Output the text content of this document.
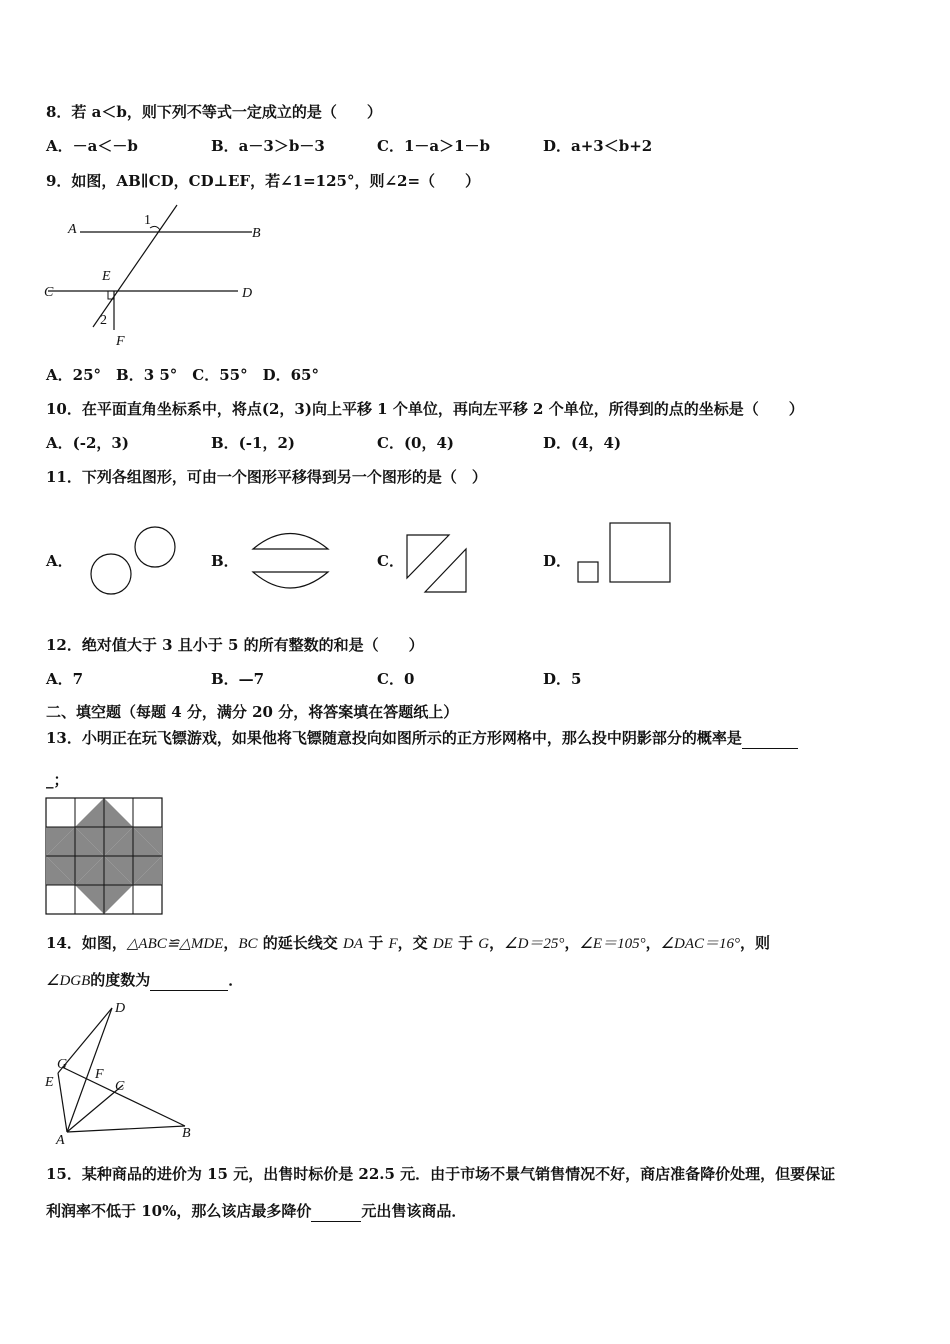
8．若 a＜b，则下列不等式一定成立的是（　　）
A．－a＜－b	B．a－3＞b－3	C．1－a＞1－b	D．a+3＜b+2
9．如图，AB∥CD，CD⊥EF，若∠1=125°，则∠2=（　　）
A	B
C	D
E
F
1
2
A．25°　B．3 5°　C．55°　D．65°
10．在平面直角坐标系中，将点(2，3)向上平移 1 个单位，再向左平移 2 个单位，所得到的点的坐标是（　　）
A．(-2，3)	B．(-1，2)	C．(0，4)	D．(4，4)
11．下列各组图形，可由一个图形平移得到另一个图形的是（　）
A．	B．	C．	D．
12．绝对值大于 3 且小于 5 的所有整数的和是（　　）
A．7	B．—7	C．0	D．5
二、填空题（每题 4 分，满分 20 分，将答案填在答题纸上）
13．小明正在玩飞镖游戏，如果他将飞镖随意投向如图所示的正方形网格中，那么投中阴影部分的概率是
_；
14．如图，△ABC≌△MDE，BC 的延长线交 DA 于 F，交 DE 于 G，∠D＝25°，∠E＝105°，∠DAC＝16°，则
∠DGB的度数为	．
D
G
E
F
C
A	B
15．某种商品的进价为 15 元，出售时标价是 22.5 元．由于市场不景气销售情况不好，商店准备降价处理，但要保证
利润率不低于 10%，那么该店最多降价	元出售该商品．
